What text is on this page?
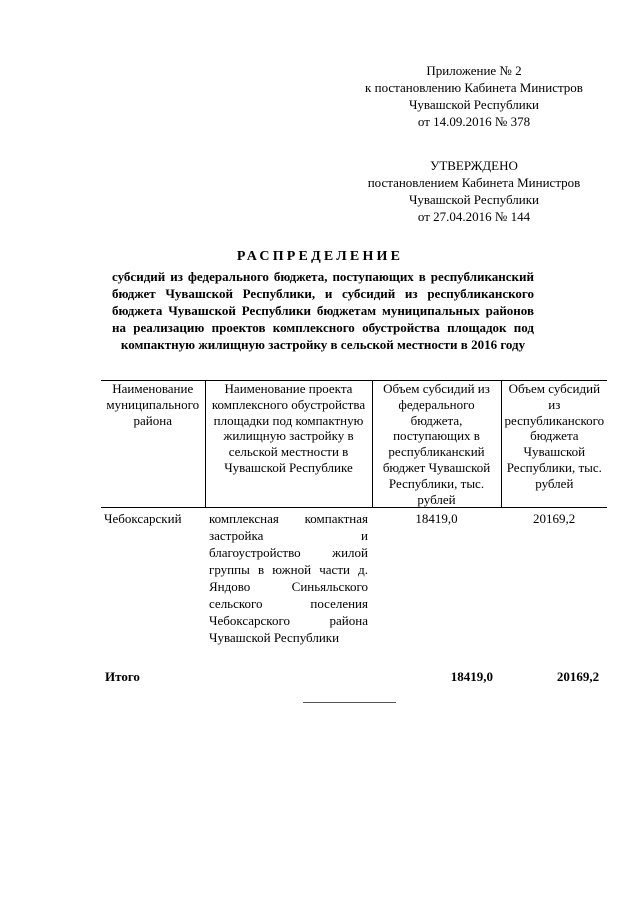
Приложение № 2
к постановлению Кабинета Министров
Чувашской Республики
от 14.09.2016 № 378
УТВЕРЖДЕНО
постановлением Кабинета Министров
Чувашской Республики
от 27.04.2016 № 144
РАСПРЕДЕЛЕНИЕ
субсидий из федерального бюджета, поступающих в республиканский бюджет Чувашской Республики, и субсидий из республиканского бюджета Чувашской Республики бюджетам муниципальных районов на реализацию проектов комплексного обустройства площадок под компактную жилищную застройку в сельской местности в 2016 году
Наименование муниципального района	Наименование проекта комплексного обустройства площадки под компактную жилищную застройку в сельской местности в Чувашской Республике	Объем субсидий из федерального бюджета, поступающих в республиканский бюджет Чувашской Республики, тыс. рублей	Объем субсидий из республиканского бюджета Чувашской Республики, тыс. рублей
Чебоксарский	комплексная компактная застройка и благоустройство жилой группы в южной части д. Яндово Синьяльского сельского поселения Чебоксарского района Чувашской Республики	18419,0	20169,2
Итого		18419,0	20169,2
